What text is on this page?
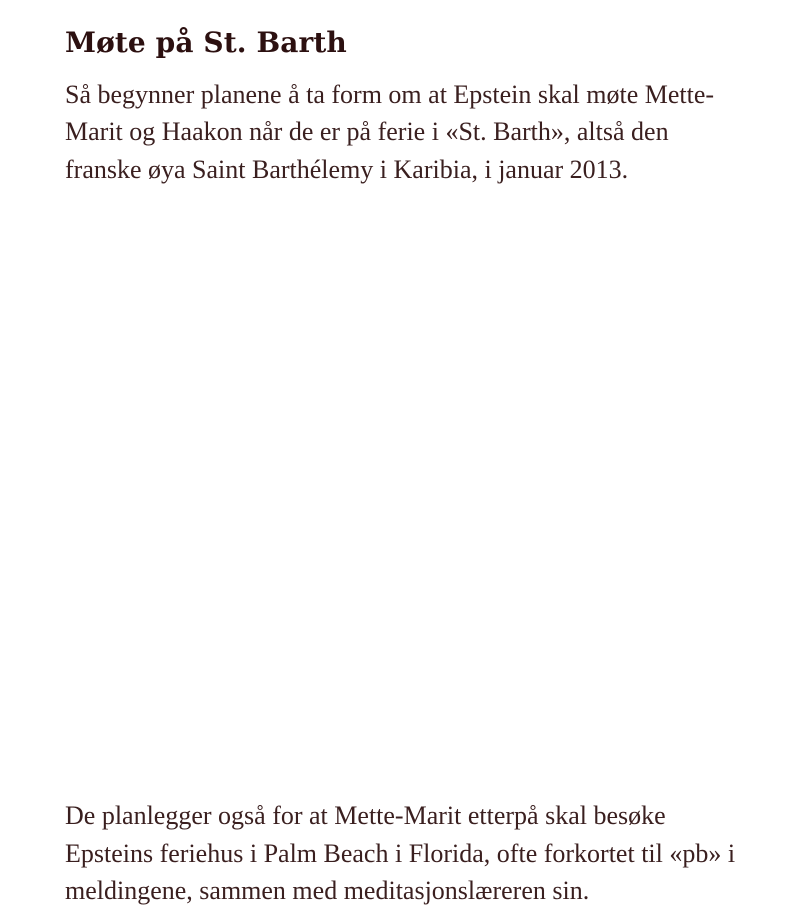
Møte på St. Barth

Så begynner planene å ta form om at Epstein skal møte Mette-
Marit og Haakon når de er på ferie i «St. Barth», altså den
franske øya Saint Barthélemy i Karibia, i januar 2013.

De planlegger også for at Mette-Marit etterpå skal besøke
Epsteins feriehus i Palm Beach i Florida, ofte forkortet til «pb» i
meldingene, sammen med meditasjonslæreren sin.
